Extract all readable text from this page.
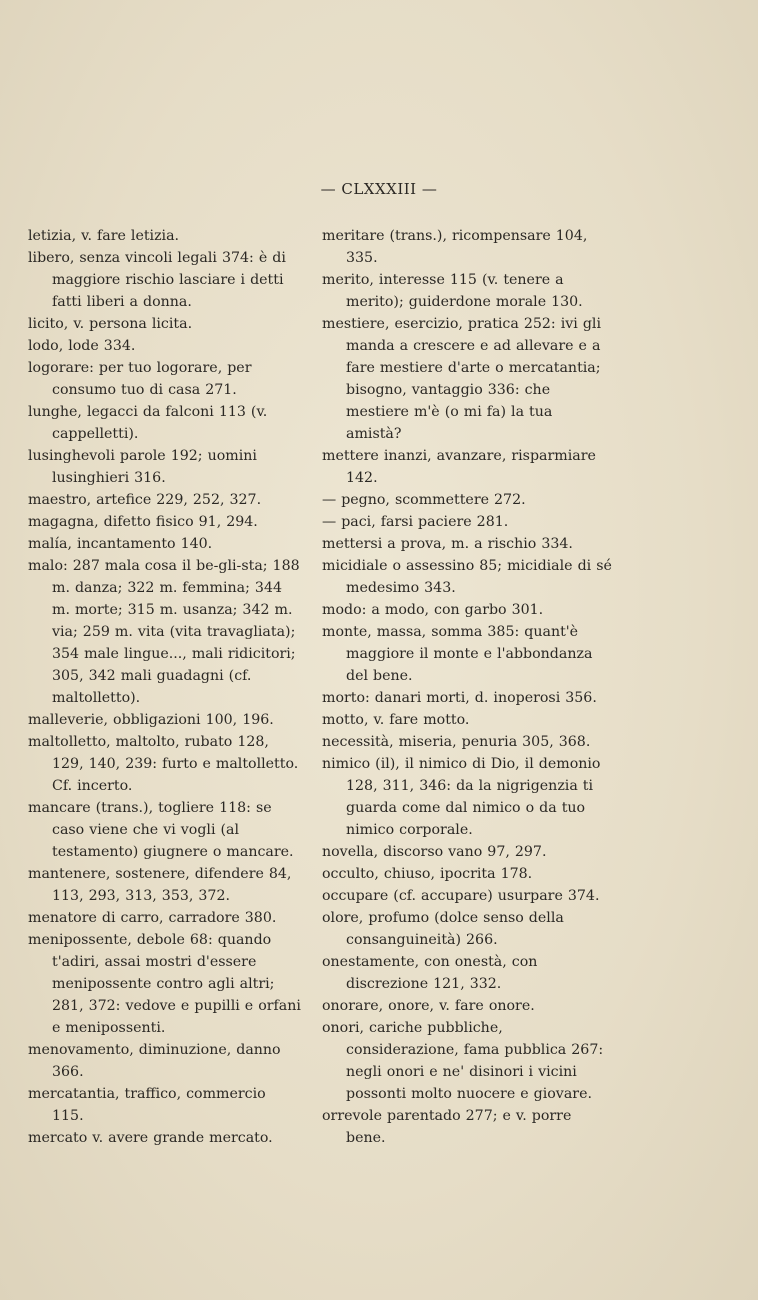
— CLXXXIII —

letizia, v. fare letizia.

libero, senza vincoli legali 374: è di maggiore rischio lasciare i detti fatti liberi a donna.

licito, v. persona licita.

lodo, lode 334.

logorare: per tuo logorare, per consumo tuo di casa 271.

lunghe, legacci da falconi 113 (v. cappelletti).

lusinghevoli parole 192; uomini lusinghieri 316.

maestro, artefice 229, 252, 327.

magagna, difetto fisico 91, 294.

malía, incantamento 140.

malo: 287 mala cosa il be-gli-sta; 188 m. danza; 322 m. femmina; 344 m. morte; 315 m. usanza; 342 m. via; 259 m. vita (vita travagliata); 354 male lingue..., mali ridicitori; 305, 342 mali guadagni (cf. maltolletto).

malleverie, obbligazioni 100, 196.

maltolletto, maltolto, rubato 128, 129, 140, 239: furto e maltolletto. Cf. incerto.

mancare (trans.), togliere 118: se caso viene che vi vogli (al testamento) giugnere o mancare.

mantenere, sostenere, difendere 84, 113, 293, 313, 353, 372.

menatore di carro, carradore 380.

menipossente, debole 68: quando t'adiri, assai mostri d'essere menipossente contro agli altri; 281, 372: vedove e pupilli e orfani e menipossenti.

menovamento, diminuzione, danno 366.

mercatantia, traffico, commercio 115.

mercato v. avere grande mercato.

meritare (trans.), ricompensare 104, 335.

merito, interesse 115 (v. tenere a merito); guiderdone morale 130.

mestiere, esercizio, pratica 252: ivi gli manda a crescere e ad allevare e a fare mestiere d'arte o mercatantia; bisogno, vantaggio 336: che mestiere m'è (o mi fa) la tua amistà?

mettere inanzi, avanzare, risparmiare 142.

— pegno, scommettere 272.

— paci, farsi paciere 281.

mettersi a prova, m. a rischio 334.

micidiale o assessino 85; micidiale di sé medesimo 343.

modo: a modo, con garbo 301.

monte, massa, somma 385: quant'è maggiore il monte e l'abbondanza del bene.

morto: danari morti, d. inoperosi 356.

motto, v. fare motto.

necessità, miseria, penuria 305, 368.

nimico (il), il nimico di Dio, il demonio 128, 311, 346: da la nigrigenzia ti guarda come dal nimico o da tuo nimico corporale.

novella, discorso vano 97, 297.

occulto, chiuso, ipocrita 178.

occupare (cf. accupare) usurpare 374.

olore, profumo (dolce senso della consanguineità) 266.

onestamente, con onestà, con discrezione 121, 332.

onorare, onore, v. fare onore.

onori, cariche pubbliche, considerazione, fama pubblica 267: negli onori e ne' disinori i vicini possonti molto nuocere e giovare.

orrevole parentado 277; e v. porre bene.
